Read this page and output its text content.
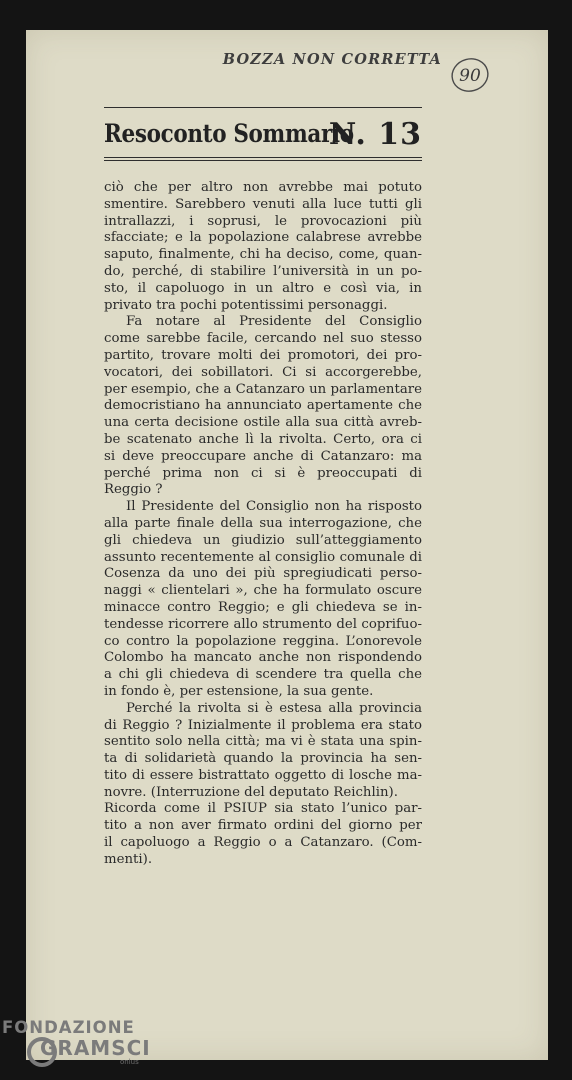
BOZZA NON CORRETTA
90
Resoconto Sommario
N. 13
ciò che per altro non avrebbe mai potuto
smentire. Sarebbero venuti alla luce tutti gli
intrallazzi, i soprusi, le provocazioni più
sfacciate; e la popolazione calabrese avrebbe
saputo, finalmente, chi ha deciso, come, quan-
do, perché, di stabilire l’università in un po-
sto, il capoluogo in un altro e così via, in
privato tra pochi potentissimi personaggi.
Fa notare al Presidente del Consiglio
come sarebbe facile, cercando nel suo stesso
partito, trovare molti dei promotori, dei pro-
vocatori, dei sobillatori. Ci si accorgerebbe,
per esempio, che a Catanzaro un parlamentare
democristiano ha annunciato apertamente che
una certa decisione ostile alla sua città avreb-
be scatenato anche lì la rivolta. Certo, ora ci
si deve preoccupare anche di Catanzaro: ma
perché prima non ci si è preoccupati di
Reggio ?
Il Presidente del Consiglio non ha risposto
alla parte finale della sua interrogazione, che
gli chiedeva un giudizio sull’atteggiamento
assunto recentemente al consiglio comunale di
Cosenza da uno dei più spregiudicati perso-
naggi « clientelari », che ha formulato oscure
minacce contro Reggio; e gli chiedeva se in-
tendesse ricorrere allo strumento del coprifuo-
co contro la popolazione reggina. L’onorevole
Colombo ha mancato anche non rispondendo
a chi gli chiedeva di scendere tra quella che
in fondo è, per estensione, la sua gente.
Perché la rivolta si è estesa alla provincia
di Reggio ? Inizialmente il problema era stato
sentito solo nella città; ma vi è stata una spin-
ta di solidarietà quando la provincia ha sen-
tito di essere bistrattato oggetto di losche ma-
novre. (Interruzione del deputato Reichlin).
Ricorda come il PSIUP sia stato l’unico par-
tito a non aver firmato ordini del giorno per
il capoluogo a Reggio o a Catanzaro. (Com-
menti).
FONDAZIONE
GRAMSCI
onlus
